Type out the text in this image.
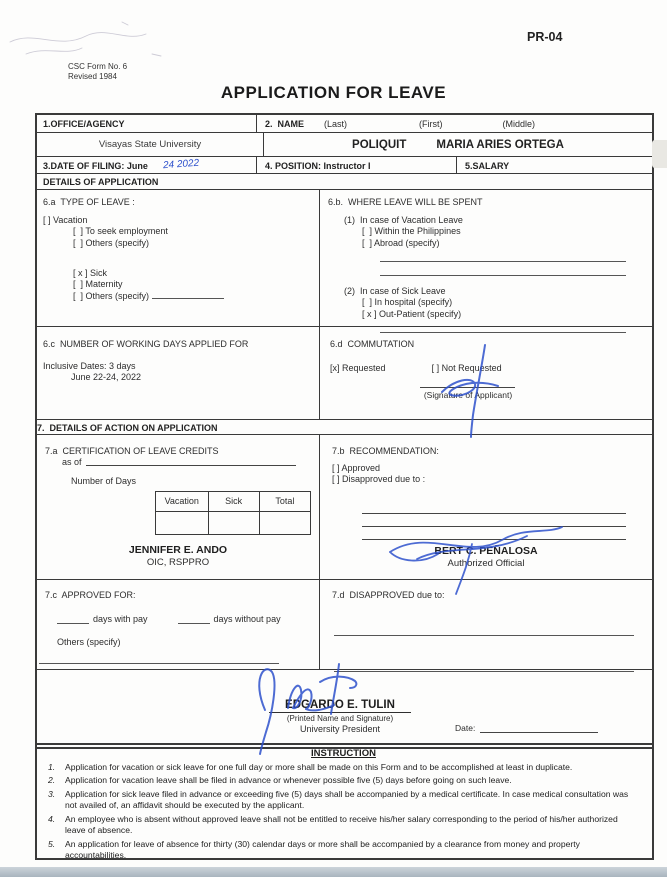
PR-04
CSC Form No. 6
Revised 1984
APPLICATION FOR LEAVE
1.OFFICE/AGENCY	2.  NAME (Last)	(First)	(Middle)
Visayas State University	POLIQUIT	MARIA ARIES ORTEGA
3.DATE OF FILING: June 24 2022	4. POSITION: Instructor I	5.SALARY
DETAILS OF APPLICATION
6.a  TYPE OF LEAVE :
[ ] Vacation
[  ] To seek employment
[  ] Others (specify)
[ x ] Sick
[  ] Maternity
[  ] Others (specify)
6.b.  WHERE LEAVE WILL BE SPENT
(1)  In case of Vacation Leave
[  ] Within the Philippines
[  ] Abroad (specify)
(2)  In case of Sick Leave
[  ] In hospital (specify)
[ x ] Out-Patient (specify)
6.c  NUMBER OF WORKING DAYS APPLIED FOR
Inclusive Dates: 3 days
June 22-24, 2022
6.d  COMMUTATION
[x] Requested	[ ] Not Requested
(Signature of Applicant)
7.  DETAILS OF ACTION ON APPLICATION
7.a  CERTIFICATION OF LEAVE CREDITS
as of
Number of Days
Vacation	Sick	Total

JENNIFER E. ANDO
OIC, RSPPRO
7.b  RECOMMENDATION:
[ ] Approved
[ ] Disapproved due to :
BERT C. PEÑALOSA
Authorized Official
7.c  APPROVED FOR:
days with pay	days without pay
Others (specify)
7.d  DISAPPROVED due to:
EDGARDO E. TULIN
(Printed Name and Signature)
University President	Date:
INSTRUCTION
1.	Application for vacation or sick leave for one full day or more shall be made on this Form and to be accomplished at least in duplicate.
2.	Application for vacation leave shall be filed in advance or whenever possible five (5) days before going on such leave.
3.	Application for sick leave filed in advance or exceeding five (5) days shall be accompanied by a medical certificate. In case medical consultation was not availed of, an affidavit should be executed by the applicant.
4.	An employee who is absent without approved leave shall not be entitled to receive his/her salary corresponding to the period of his/her authorized leave of absence.
5.	An application for leave of absence for thirty (30) calendar days or more shall be accompanied by a clearance from money and property accountabilities.
